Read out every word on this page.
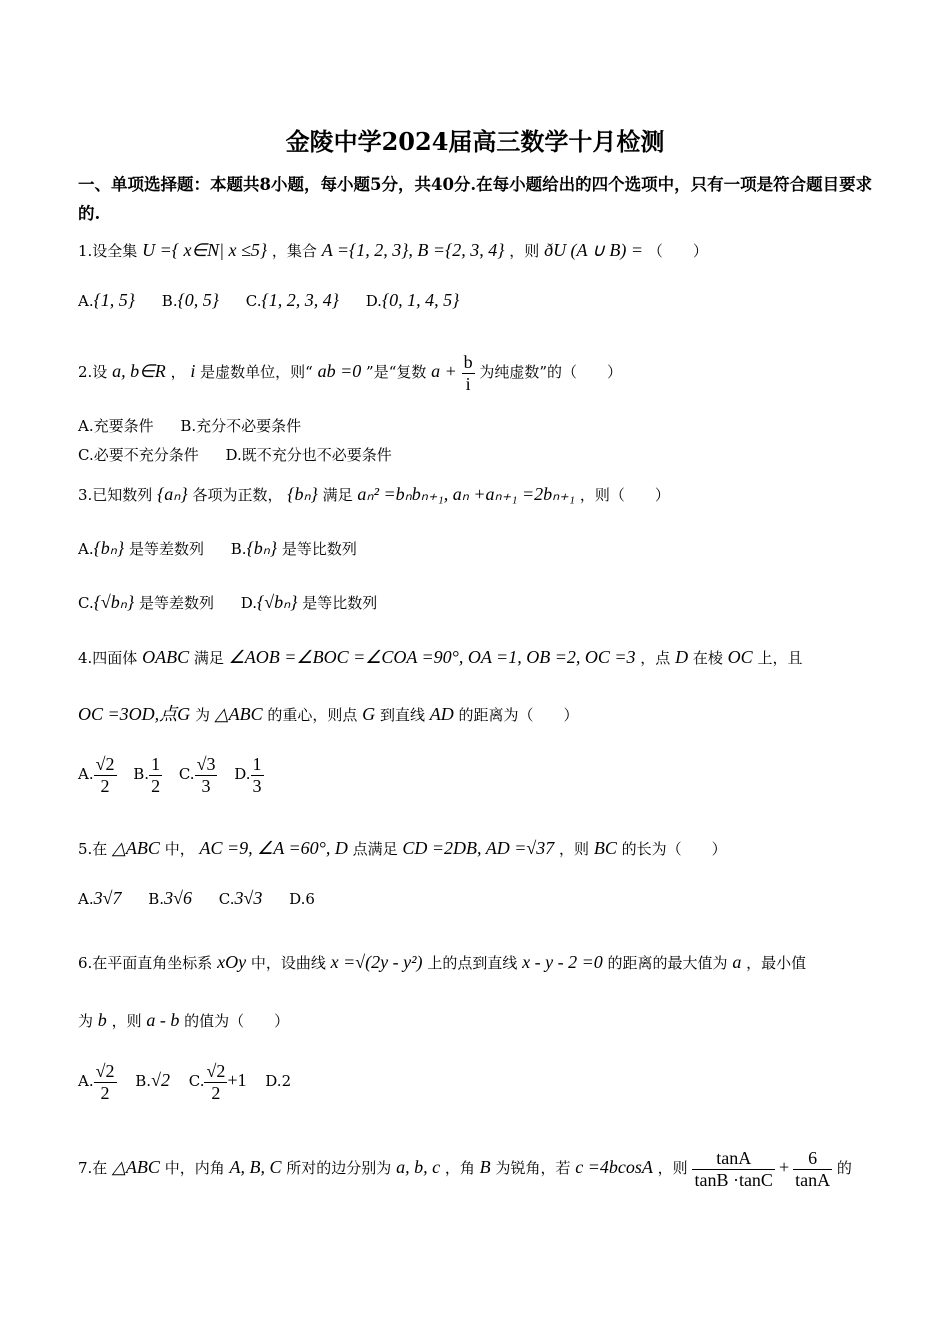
金陵中学2024届高三数学十月检测
一、单项选择题：本题共8小题，每小题5分，共40分.在每小题给出的四个选项中，只有一项是符合题目要求的.
1.设全集 U ={ x∈N| x ≤5} ，集合 A ={1, 2, 3}, B ={2, 3, 4} ，则 ðU (A ∪ B) = （　　）
A.{1, 5} B.{0, 5} C.{1, 2, 3, 4} D.{0, 1, 4, 5}
2.设 a, b∈R ， i 是虚数单位，则“ ab =0 ”是“复数 $a + \frac{b}{i}$ 为纯虚数”的（　　）
A.充要条件 B.充分不必要条件
C.必要不充分条件 D.既不充分也不必要条件
3.已知数列 {aₙ} 各项为正数， {bₙ} 满足 aₙ² =bₙbₙ₊₁, aₙ +aₙ₊₁ =2bₙ₊₁ ，则（　　）
A.{bₙ} 是等差数列 B.{bₙ} 是等比数列
C.{√bₙ} 是等差数列 D.{√bₙ} 是等比数列
4.四面体 OABC 满足 ∠AOB =∠BOC =∠COA =90°, OA =1, OB =2, OC =3 ，点 D 在棱 OC 上，且
OC =3OD,点G 为 △ABC 的重心，则点 G 到直线 AD 的距离为（　　）
A. $\frac{√2}{2} B$. $\frac{1}{2} C$. $\frac{√3}{3} D$. $\frac{1}{3}$
5.在 △ABC 中， AC =9, ∠A =60°, D 点满足 CD =2DB, AD =√37 ，则 BC 的长为（　　）
A.3√7 B.3√6 C.3√3 D.6
6.在平面直角坐标系 xOy 中，设曲线 x =√(2y - y²) 上的点到直线 x - y - 2 =0 的距离的最大值为 a ，最小值
为 b ，则 a - b 的值为（　　）
A. $\frac{√2}{2} B.√2$ C. $\frac{√2}{2} +1$ D.2
7.在 △ABC 中，内角 A, B, C 所对的边分别为 a, b, c ，角 B 为锐角，若 c =4bcosA ，则 $\frac{\tan A}{\tan B \cdot\tan C} + \frac{6}{\tan A}$ 的
